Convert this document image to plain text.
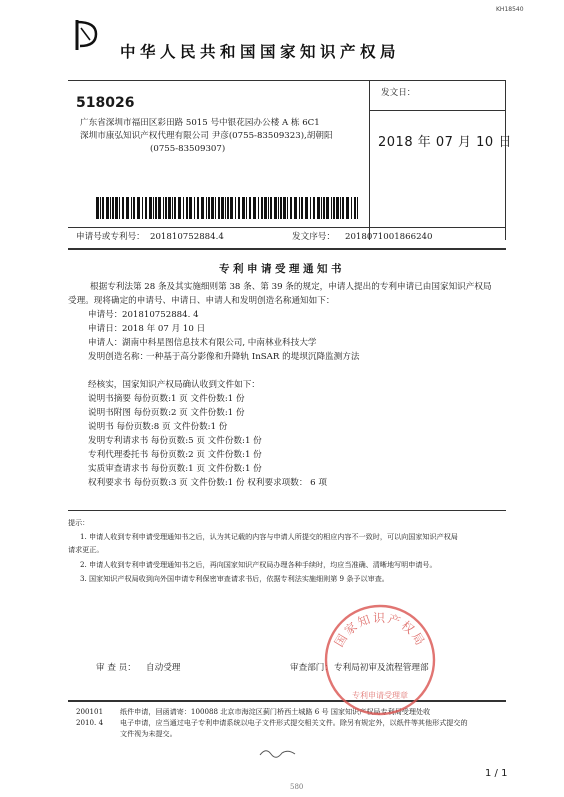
KH18540
中华人民共和国国家知识产权局
518026
广东省深圳市福田区彩田路 5015 号中银花园办公楼 A 栋 6C1
深圳市康弘知识产权代理有限公司 尹彦(0755-83509323),胡朝阳
(0755-83509307)
发文日：
2018 年 07 月 10 日
申请号或专利号： 201810752884.4	发文序号： 2018071001866240
专利申请受理通知书
根据专利法第 28 条及其实施细则第 38 条、第 39 条的规定，申请人提出的专利申请已由国家知识产权局
受理。现将确定的申请号、申请日、申请人和发明创造名称通知如下：
申请号： 201810752884. 4
申请日： 2018 年 07 月 10 日
申请人： 湖南中科星图信息技术有限公司, 中南林业科技大学
发明创造名称：
一种基于高分影像和升降轨 InSAR 的堤坝沉降监测方法
经核实，国家知识产权局确认收到文件如下：
说明书摘要 每份页数:1 页 文件份数:1 份
说明书附图 每份页数:2 页 文件份数:1 份
说明书 每份页数:8 页 文件份数:1 份
发明专利请求书 每份页数:5 页 文件份数:1 份
专利代理委托书 每份页数:2 页 文件份数:1 份
实质审查请求书 每份页数:1 页 文件份数:1 份
权利要求书 每份页数:3 页 文件份数:1 份 权利要求项数： 6 项
提示：
1. 申请人收到专利申请受理通知书之后，认为其记载的内容与申请人所提交的相应内容不一致时，可以向国家知识产权局
请求更正。
2. 申请人收到专利申请受理通知书之后，再向国家知识产权局办理各种手续时，均应当准确、清晰地写明申请号。
3. 国家知识产权局收到向外国申请专利保密审查请求书后，依据专利法实施细则第 9 条予以审查。
审 查 员： 自动受理	审查部门： 专利局初审及流程管理部
200101
2010. 4
纸件申请，回函请寄：100088 北京市海淀区蓟门桥西土城路 6 号 国家知识产权局专利局受理处收
电子申请，应当通过电子专利申请系统以电子文件形式提交相关文件。除另有规定外，以纸件等其他形式提交的
文件视为未提交。
国家知识产权局
专利申请受理章
1 / 1
580
